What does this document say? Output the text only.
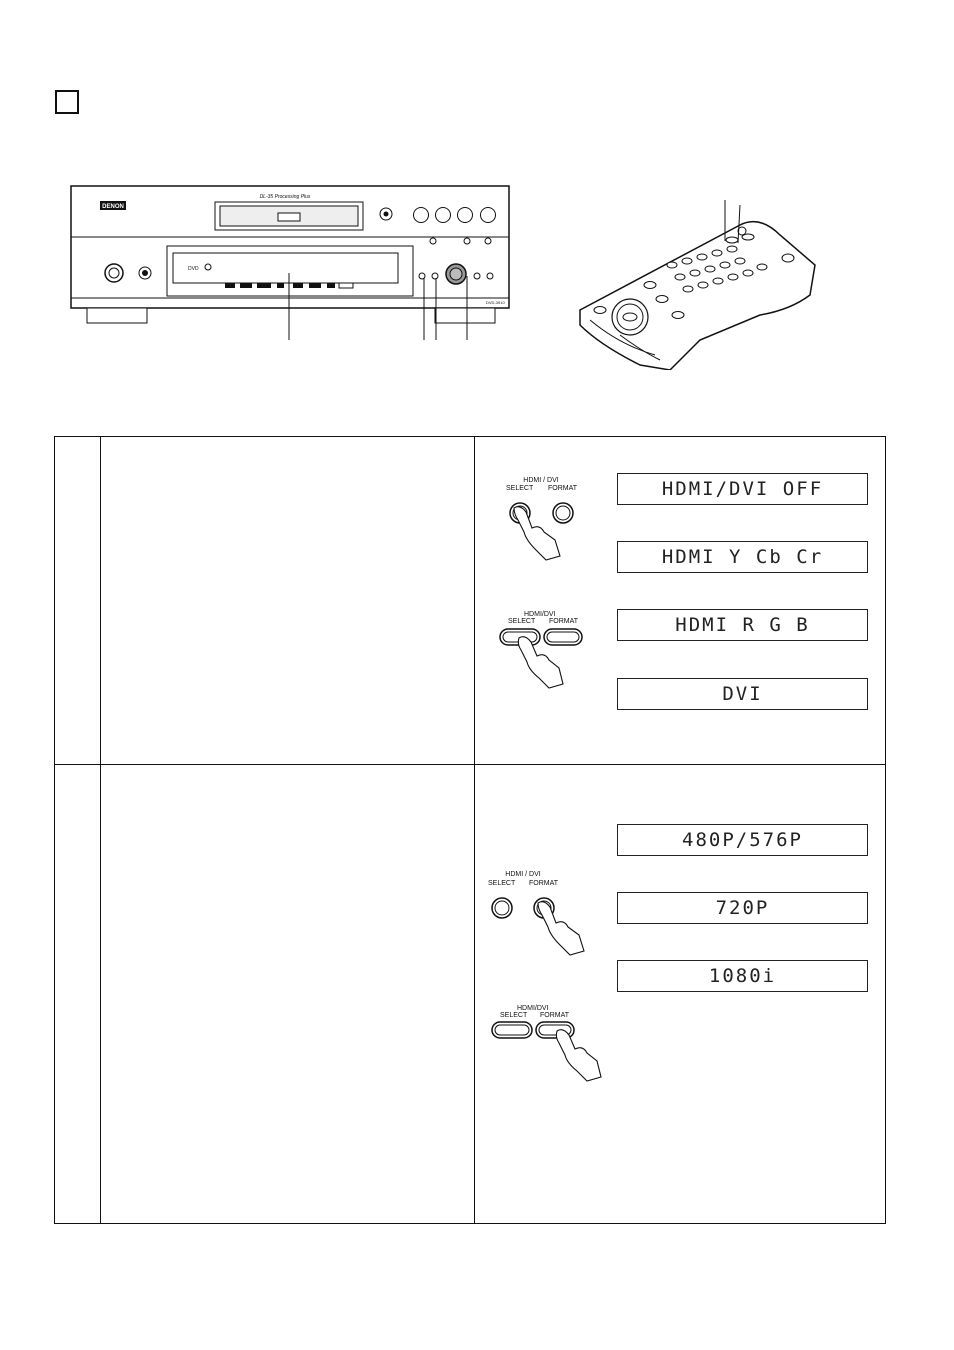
DENON
DL-35 Processing Plus
DVD
DVD-3910
HDMI / DVI
SELECT FORMAT
HDMI/DVI
SELECT FORMAT
HDMI/DVI OFF
HDMI Y Cb Cr
HDMI R G B
DVI
HDMI / DVI
SELECT FORMAT
HDMI/DVI
SELECT FORMAT
480P/576P
720P
1080i
